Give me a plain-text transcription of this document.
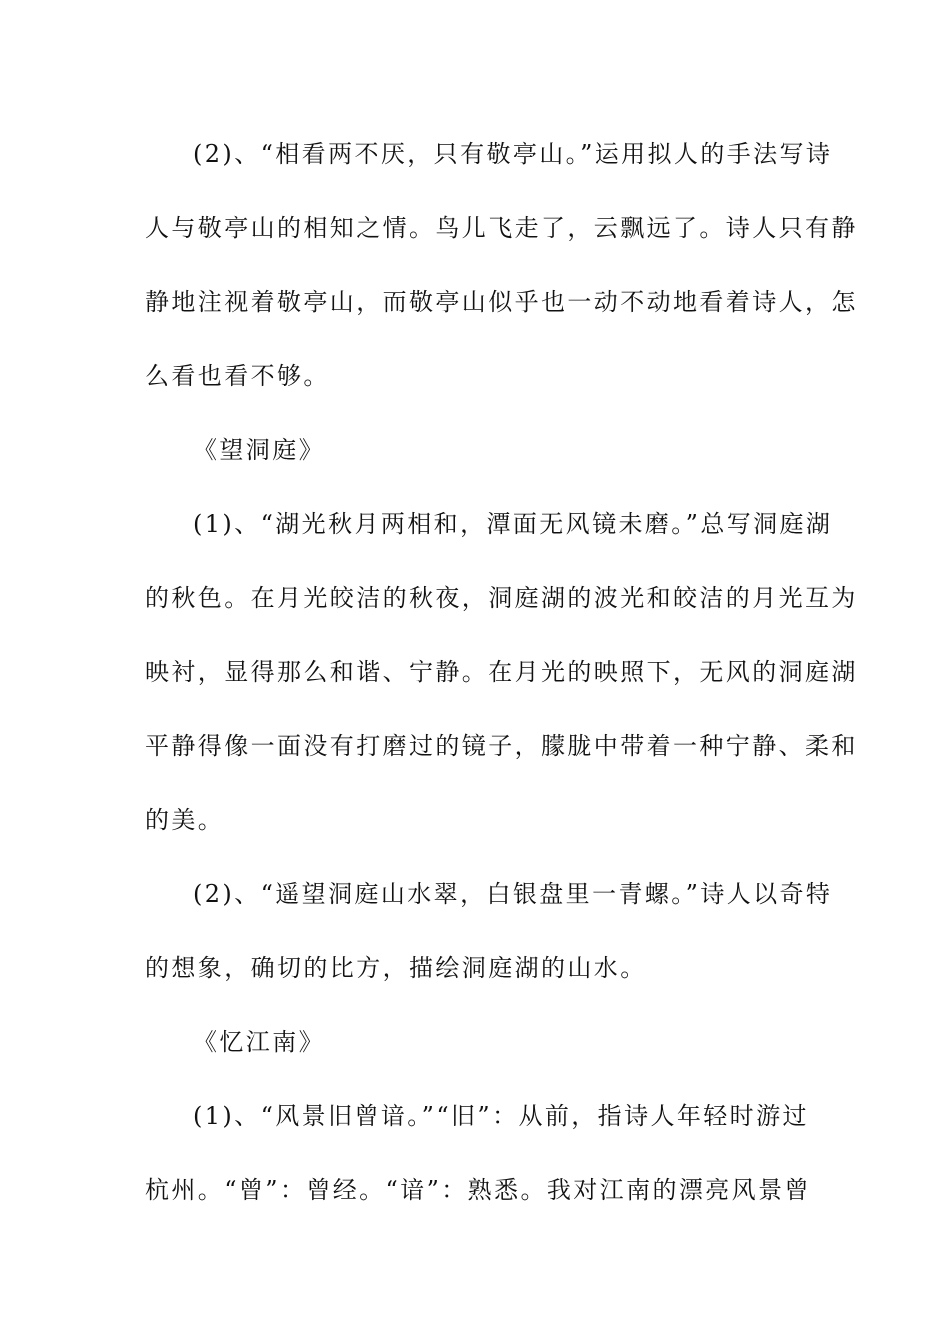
(2)、“相看两不厌，只有敬亭山。”运用拟人的手法写诗
人与敬亭山的相知之情。鸟儿飞走了，云飘远了。诗人只有静
静地注视着敬亭山，而敬亭山似乎也一动不动地看着诗人，怎
么看也看不够。
《望洞庭》
(1)、“湖光秋月两相和，潭面无风镜未磨。”总写洞庭湖
的秋色。在月光皎洁的秋夜，洞庭湖的波光和皎洁的月光互为
映衬，显得那么和谐、宁静。在月光的映照下，无风的洞庭湖
平静得像一面没有打磨过的镜子，朦胧中带着一种宁静、柔和
的美。
(2)、“遥望洞庭山水翠，白银盘里一青螺。”诗人以奇特
的想象，确切的比方，描绘洞庭湖的山水。
《忆江南》
(1)、“风景旧曾谙。”“旧”：从前，指诗人年轻时游过
杭州。“曾”：曾经。“谙”：熟悉。我对江南的漂亮风景曾
